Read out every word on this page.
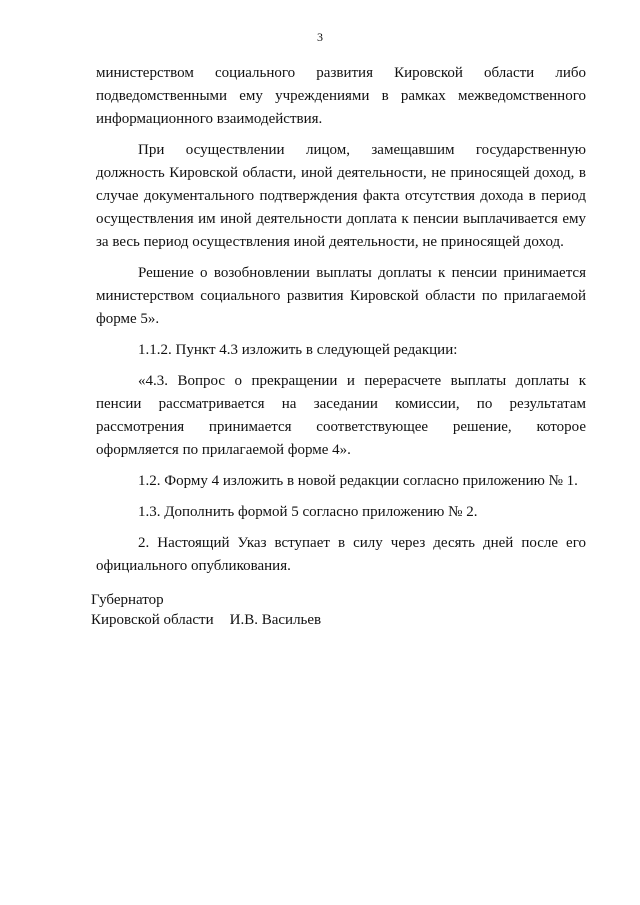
3

министерством социального развития Кировской области либо подведомственными ему учреждениями в рамках межведомственного информационного взаимодействия.

При осуществлении лицом, замещавшим государственную должность Кировской области, иной деятельности, не приносящей доход, в случае документального подтверждения факта отсутствия дохода в период осуществления им иной деятельности доплата к пенсии выплачивается ему за весь период осуществления иной деятельности, не приносящей доход.

Решение о возобновлении выплаты доплаты к пенсии принимается министерством социального развития Кировской области по прилагаемой форме 5».

1.1.2. Пункт 4.3 изложить в следующей редакции:

«4.3. Вопрос о прекращении и перерасчете выплаты доплаты к пенсии рассматривается на заседании комиссии, по результатам рассмотрения принимается соответствующее решение, которое оформляется по прилагаемой форме 4».

1.2. Форму 4 изложить в новой редакции согласно приложению № 1.

1.3. Дополнить формой 5 согласно приложению № 2.

2. Настоящий Указ вступает в силу через десять дней после его официального опубликования.

Губернатор
Кировской области И.В. Васильев
